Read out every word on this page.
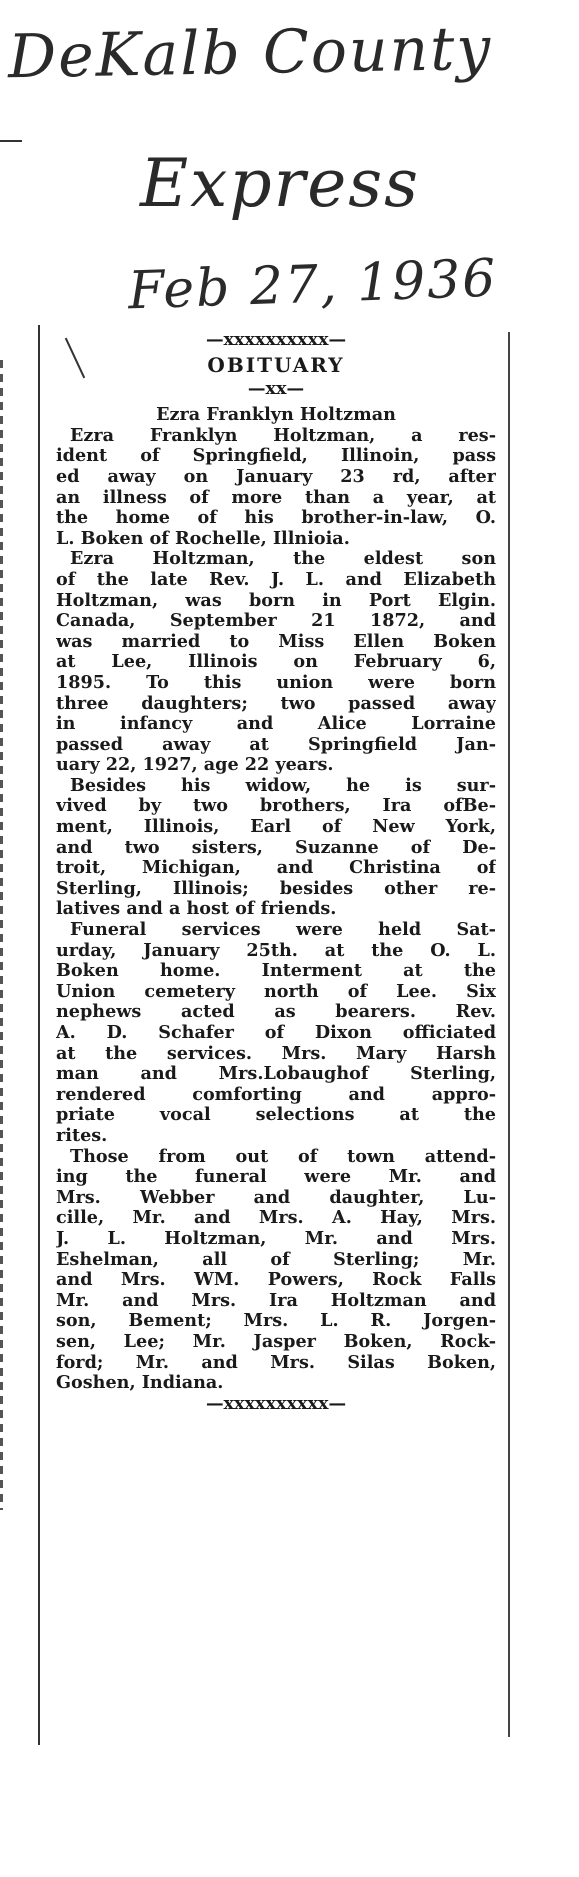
DeKalb County
Express
Feb 27, 1936
—xxxxxxxxxx—
OBITUARY
—xx—
Ezra Franklyn Holtzman
Ezra Franklyn Holtzman, a res-
ident of Springfield, Illinoin, pass
ed away on January 23 rd, after
an illness of more than a year, at
the home of his brother-in-law, O.
L. Boken of Rochelle, Illnioia.
Ezra Holtzman, the eldest son
of the late Rev. J. L. and Elizabeth
Holtzman, was born in Port Elgin.
Canada, September 21 1872, and
was married to Miss Ellen Boken
at Lee, Illinois on February 6,
1895. To this union were born
three daughters; two passed away
in infancy and Alice Lorraine
passed away at Springfield Jan-
uary 22, 1927, age 22 years.
Besides his widow, he is sur-
vived by two brothers, Ira ofBe-
ment, Illinois, Earl of New York,
and two sisters, Suzanne of De-
troit, Michigan, and Christina of
Sterling, Illinois; besides other re-
latives and a host of friends.
Funeral services were held Sat-
urday, January 25th. at the O. L.
Boken home. Interment at the
Union cemetery north of Lee. Six
nephews acted as bearers. Rev.
A. D. Schafer of Dixon officiated
at the services. Mrs. Mary Harsh
man and Mrs.Lobaughof Sterling,
rendered comforting and appro-
priate vocal selections at the
rites.
Those from out of town attend-
ing the funeral were Mr. and
Mrs. Webber and daughter, Lu-
cille, Mr. and Mrs. A. Hay, Mrs.
J. L. Holtzman, Mr. and Mrs.
Eshelman, all of Sterling; Mr.
and Mrs. WM. Powers, Rock Falls
Mr. and Mrs. Ira Holtzman and
son, Bement; Mrs. L. R. Jorgen-
sen, Lee; Mr. Jasper Boken, Rock-
ford; Mr. and Mrs. Silas Boken,
Goshen, Indiana.
—xxxxxxxxxx—
